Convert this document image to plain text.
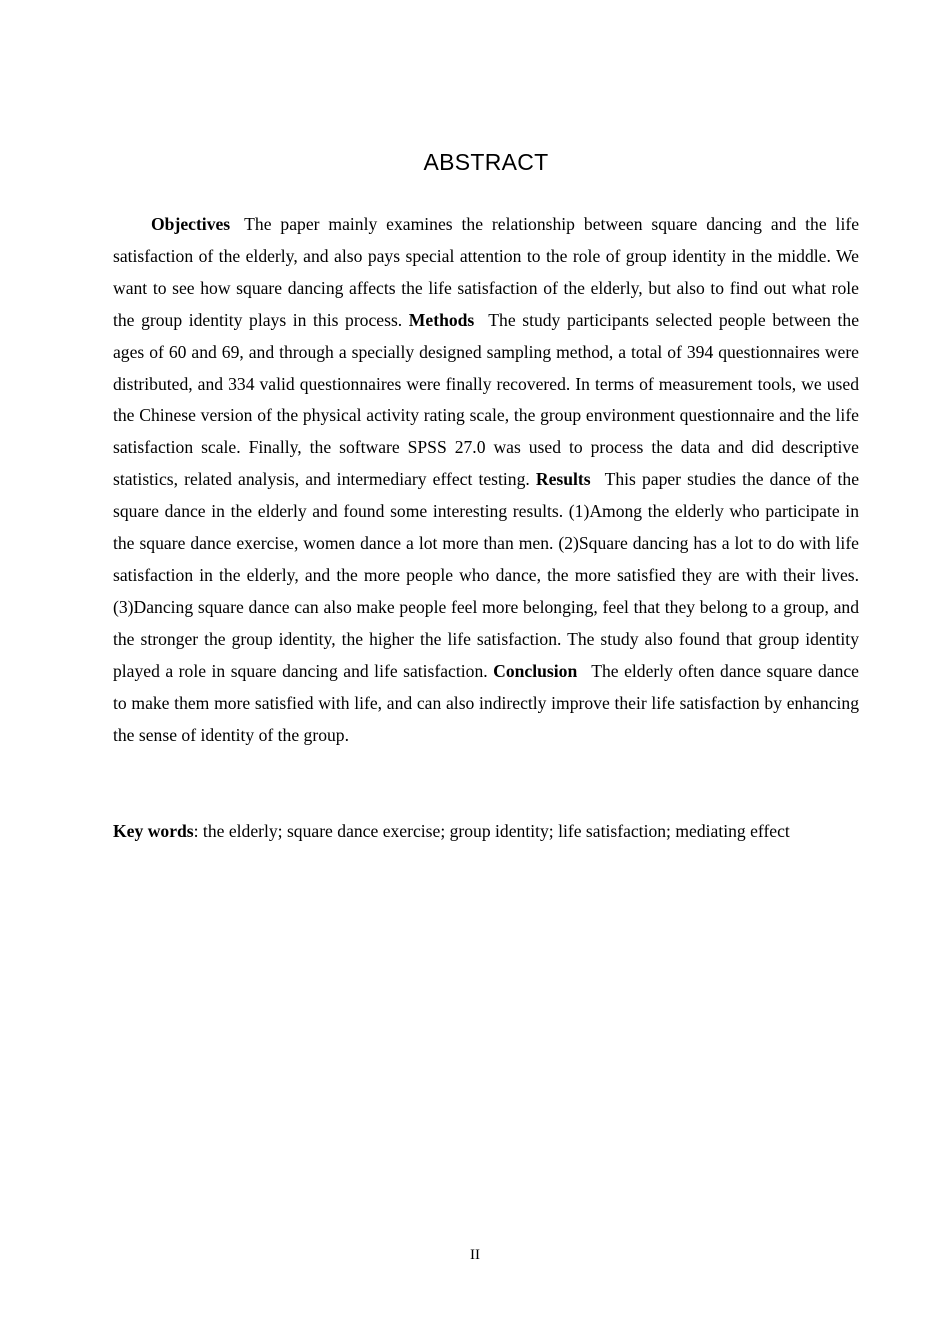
ABSTRACT

Objectives The paper mainly examines the relationship between square dancing and the life satisfaction of the elderly, and also pays special attention to the role of group identity in the middle. We want to see how square dancing affects the life satisfaction of the elderly, but also to find out what role the group identity plays in this process. Methods The study participants selected people between the ages of 60 and 69, and through a specially designed sampling method, a total of 394 questionnaires were distributed, and 334 valid questionnaires were finally recovered. In terms of measurement tools, we used the Chinese version of the physical activity rating scale, the group environment questionnaire and the life satisfaction scale. Finally, the software SPSS 27.0 was used to process the data and did descriptive statistics, related analysis, and intermediary effect testing. Results This paper studies the dance of the square dance in the elderly and found some interesting results. (1)Among the elderly who participate in the square dance exercise, women dance a lot more than men. (2)Square dancing has a lot to do with life satisfaction in the elderly, and the more people who dance, the more satisfied they are with their lives. (3)Dancing square dance can also make people feel more belonging, feel that they belong to a group, and the stronger the group identity, the higher the life satisfaction. The study also found that group identity played a role in square dancing and life satisfaction. Conclusion The elderly often dance square dance to make them more satisfied with life, and can also indirectly improve their life satisfaction by enhancing the sense of identity of the group.

Key words: the elderly; square dance exercise; group identity; life satisfaction; mediating effect

II
